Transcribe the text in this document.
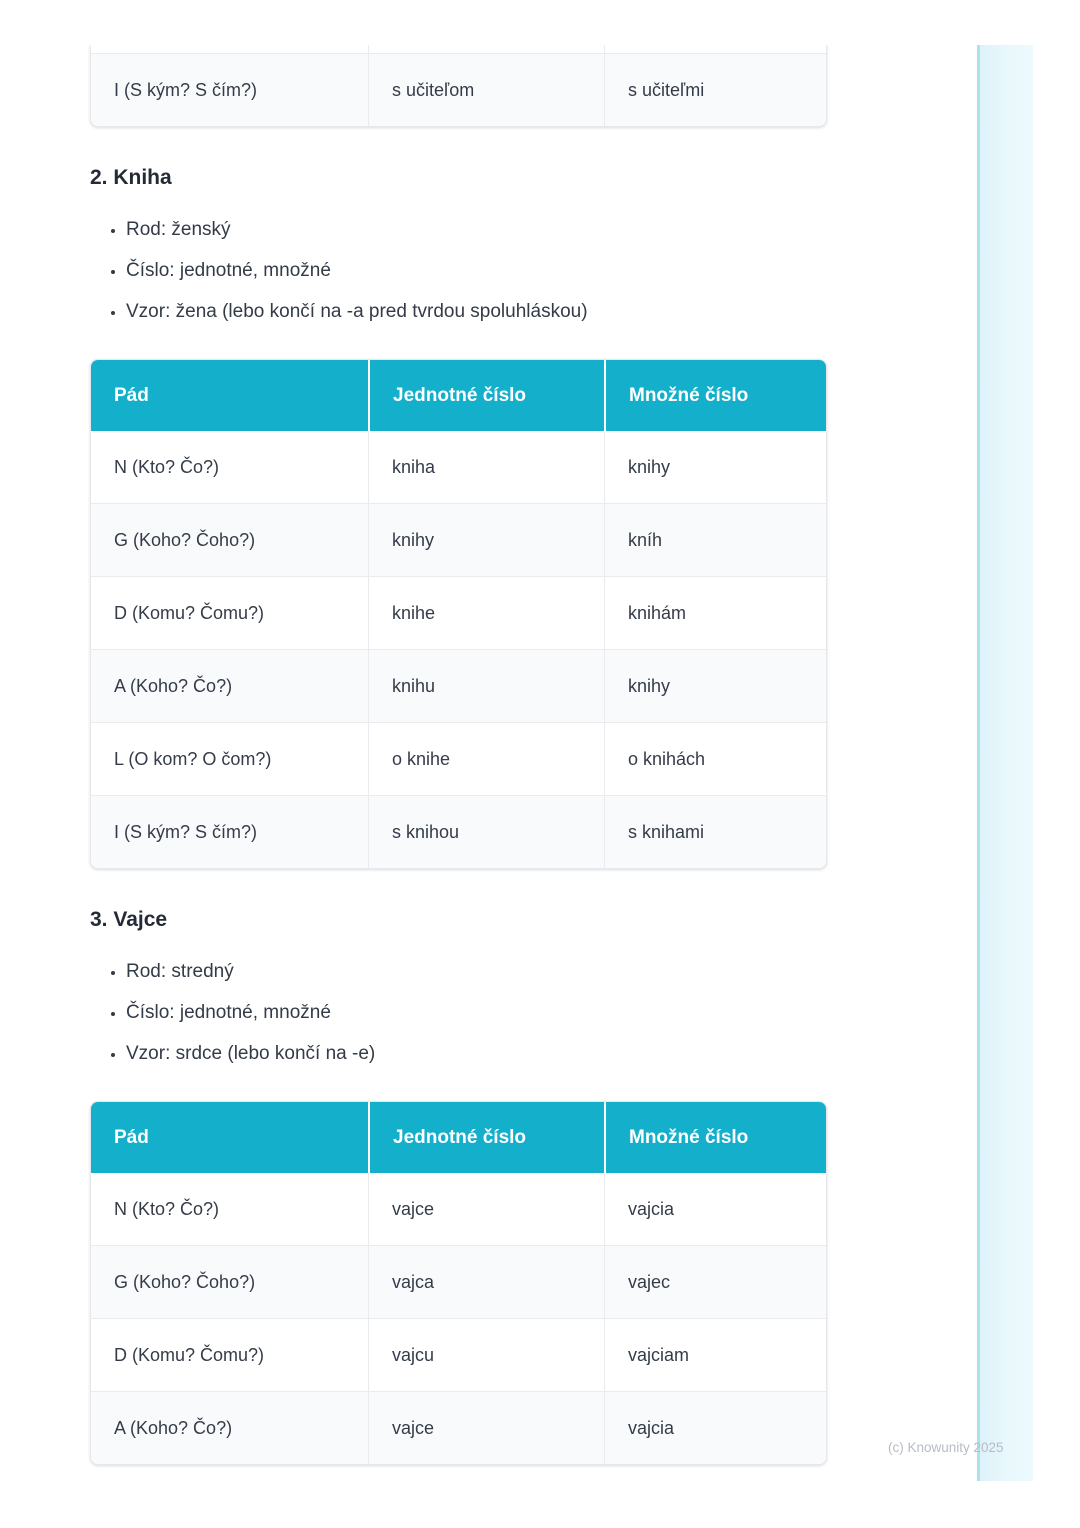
I (S kým? S čím?)	s učiteľom	s učiteľmi
2. Kniha
• Rod: ženský
• Číslo: jednotné, množné
• Vzor: žena (lebo končí na -a pred tvrdou spoluhláskou)
Pád	Jednotné číslo	Množné číslo
N (Kto? Čo?)	kniha	knihy
G (Koho? Čoho?)	knihy	kníh
D (Komu? Čomu?)	knihe	knihám
A (Koho? Čo?)	knihu	knihy
L (O kom? O čom?)	o knihe	o knihách
I (S kým? S čím?)	s knihou	s knihami
3. Vajce
• Rod: stredný
• Číslo: jednotné, množné
• Vzor: srdce (lebo končí na -e)
Pád	Jednotné číslo	Množné číslo
N (Kto? Čo?)	vajce	vajcia
G (Koho? Čoho?)	vajca	vajec
D (Komu? Čomu?)	vajcu	vajciam
A (Koho? Čo?)	vajce	vajcia
(c) Knowunity 2025
